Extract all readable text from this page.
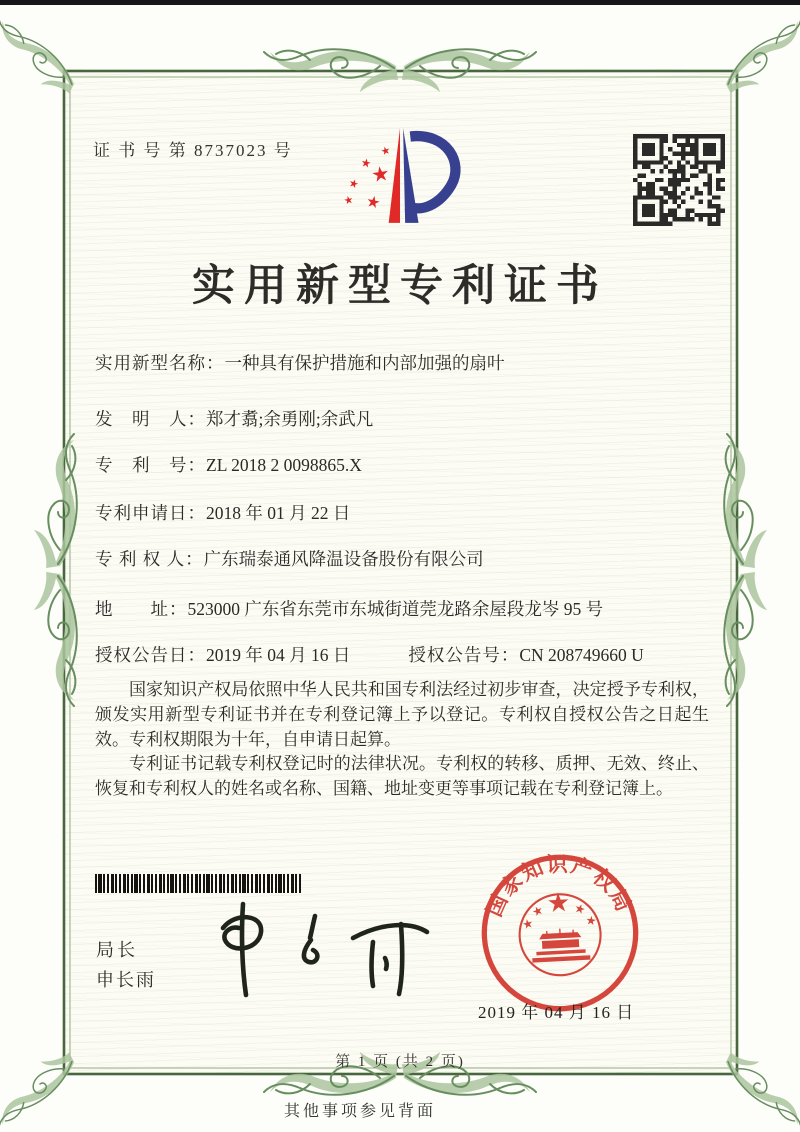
证 书 号 第 8737023 号
实用新型专利证书
实用新型名称：一种具有保护措施和内部加强的扇叶
发　明　人：郑才翥;余勇刚;余武凡
专　利　号：ZL 2018 2 0098865.X
专利申请日：2018 年 01 月 22 日
专 利 权 人：广东瑞泰通风降温设备股份有限公司
地　　址：523000 广东省东莞市东城街道莞龙路余屋段龙岑 95 号
授权公告日：2019 年 04 月 16 日	授权公告号：CN 208749660 U

国家知识产权局依照中华人民共和国专利法经过初步审查，决定授予专利权，颁发实用新型专利证书并在专利登记簿上予以登记。专利权自授权公告之日起生效。专利权期限为十年，自申请日起算。

专利证书记载专利权登记时的法律状况。专利权的转移、质押、无效、终止、恢复和专利权人的姓名或名称、国籍、地址变更等事项记载在专利登记簿上。

局长
申长雨
国家知识产权局
2019 年 04 月 16 日
第 1 页 (共 2 页)
其他事项参见背面
